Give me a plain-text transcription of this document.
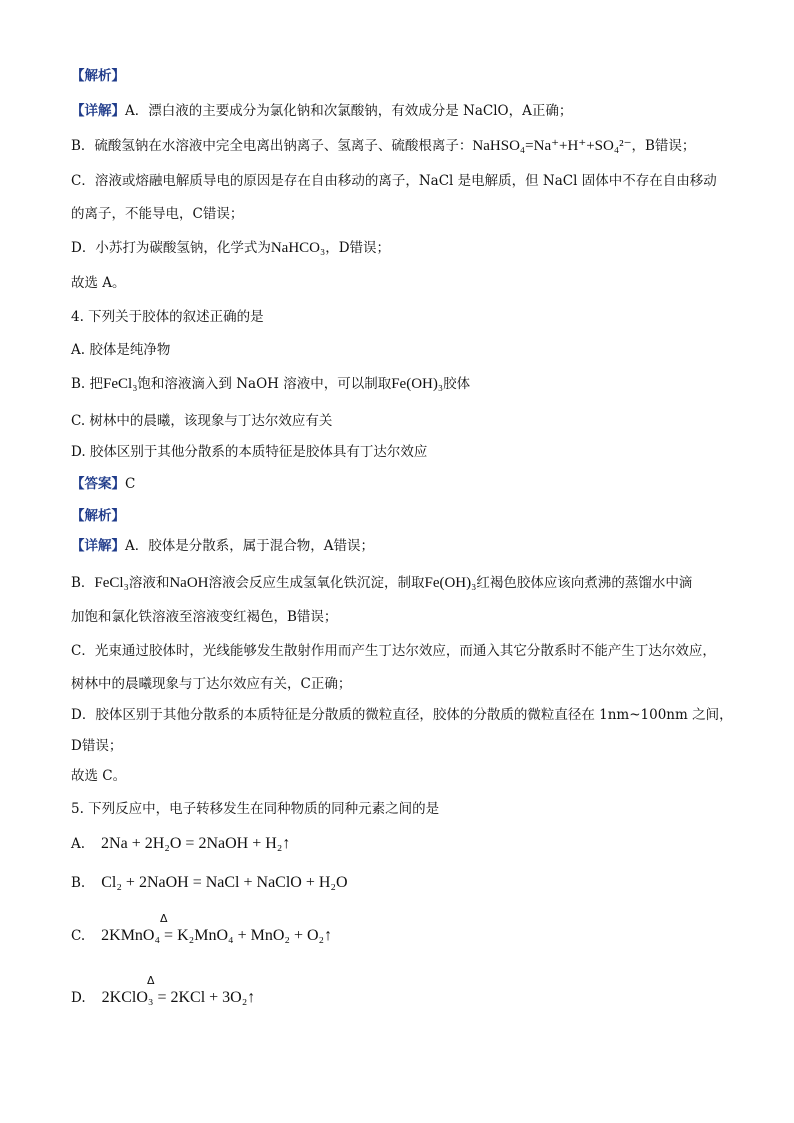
【解析】
【详解】A．漂白液的主要成分为氯化钠和次氯酸钠，有效成分是 NaClO，A正确；
B．硫酸氢钠在水溶液中完全电离出钠离子、氢离子、硫酸根离子：NaHSO₄=Na⁺+H⁺+SO₄²⁻，B错误；
C．溶液或熔融电解质导电的原因是存在自由移动的离子，NaCl 是电解质，但 NaCl 固体中不存在自由移动
的离子，不能导电，C错误；
D．小苏打为碳酸氢钠，化学式为NaHCO₃，D错误；
故选 A。
4. 下列关于胶体的叙述正确的是
A. 胶体是纯净物
B. 把FeCl₃饱和溶液滴入到 NaOH 溶液中，可以制取Fe(OH)₃胶体
C. 树林中的晨曦，该现象与丁达尔效应有关
D. 胶体区别于其他分散系的本质特征是胶体具有丁达尔效应
【答案】C
【解析】
【详解】A．胶体是分散系，属于混合物，A错误；
B．FeCl₃溶液和NaOH溶液会反应生成氢氧化铁沉淀，制取Fe(OH)₃红褐色胶体应该向煮沸的蒸馏水中滴
加饱和氯化铁溶液至溶液变红褐色，B错误；
C．光束通过胶体时，光线能够发生散射作用而产生丁达尔效应，而通入其它分散系时不能产生丁达尔效应，
树林中的晨曦现象与丁达尔效应有关，C正确；
D．胶体区别于其他分散系的本质特征是分散质的微粒直径，胶体的分散质的微粒直径在 1nm~100nm 之间，
D错误；
故选 C。
5. 下列反应中，电子转移发生在同种物质的同种元素之间的是
A. 2Na + 2H₂O = 2NaOH + H₂↑
B. Cl₂ + 2NaOH = NaCl + NaClO + H₂O
C. 2KMnO₄ = K₂MnO₄ + MnO₂ + O₂↑
Δ
D. 2KClO₃ = 2KCl + 3O₂↑
Δ
